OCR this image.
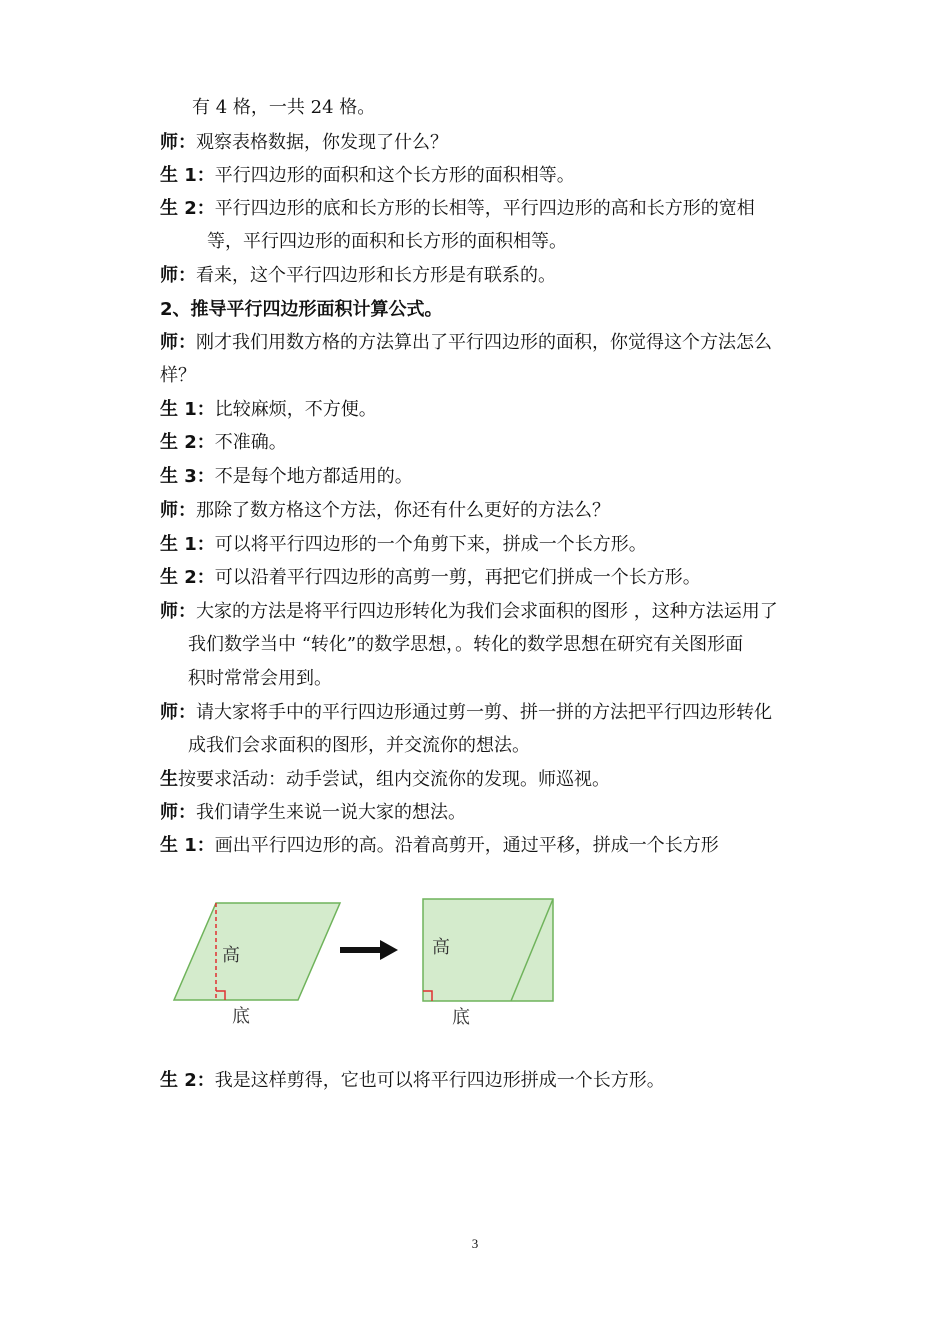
有 4 格，一共 24 格。
师：观察表格数据，你发现了什么？
生 1：平行四边形的面积和这个长方形的面积相等。
生 2：平行四边形的底和长方形的长相等，平行四边形的高和长方形的宽相
等，平行四边形的面积和长方形的面积相等。
师：看来，这个平行四边形和长方形是有联系的。
2、推导平行四边形面积计算公式。
师：刚才我们用数方格的方法算出了平行四边形的面积，你觉得这个方法怎么
样？
生 1：比较麻烦，不方便。
生 2：不准确。
生 3：不是每个地方都适用的。
师：那除了数方格这个方法，你还有什么更好的方法么？
生 1：可以将平行四边形的一个角剪下来，拼成一个长方形。
生 2：可以沿着平行四边形的高剪一剪，再把它们拼成一个长方形。
师：大家的方法是将平行四边形转化为我们会求面积的图形 ，这种方法运用了
我们数学当中 “转化”的数学思想，。转化的数学思想在研究有关图形面
积时常常会用到。
师：请大家将手中的平行四边形通过剪一剪、拼一拼的方法把平行四边形转化
成我们会求面积的图形，并交流你的想法。
生按要求活动：动手尝试，组内交流你的发现。师巡视。
师：我们请学生来说一说大家的想法。
生 1：画出平行四边形的高。沿着高剪开，通过平移，拼成一个长方形
高
底
高
底
生 2：我是这样剪得，它也可以将平行四边形拼成一个长方形。
3
